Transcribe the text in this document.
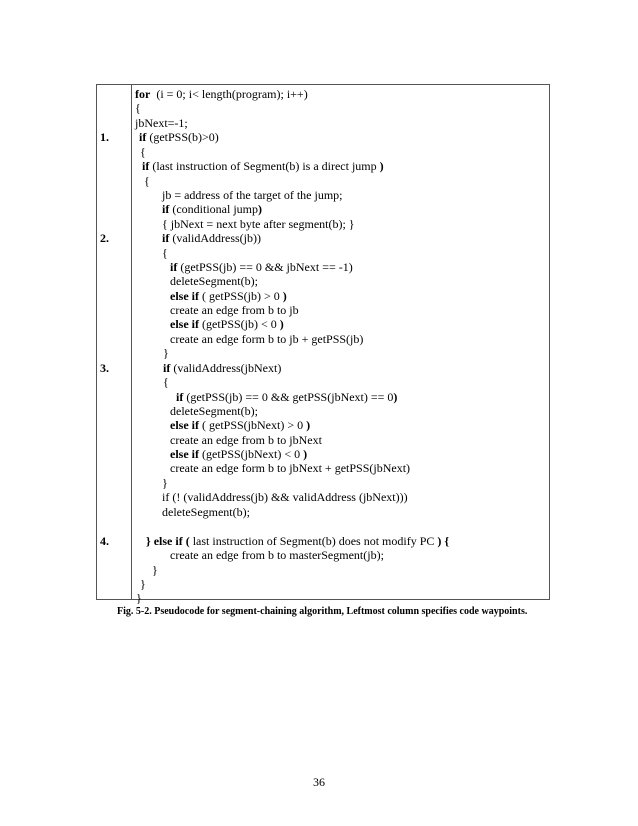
1.
2.
3.
4.
for  (i = 0; i< length(program); i++)
{
jbNext=-1;
if (getPSS(b)>0)
{
if (last instruction of Segment(b) is a direct jump )
{
jb = address of the target of the jump;
if (conditional jump)
{ jbNext = next byte after segment(b); }
if (validAddress(jb))
{
if (getPSS(jb) == 0 && jbNext == -1)
deleteSegment(b);
else if ( getPSS(jb) > 0 )
create an edge from b to jb
else if (getPSS(jb) < 0 )
create an edge form b to jb + getPSS(jb)
}
if (validAddress(jbNext)
{
if (getPSS(jb) == 0 && getPSS(jbNext) == 0)
deleteSegment(b);
else if ( getPSS(jbNext) > 0 )
create an edge from b to jbNext
else if (getPSS(jbNext) < 0 )
create an edge form b to jbNext + getPSS(jbNext)
}
if (! (validAddress(jb) && validAddress (jbNext)))
deleteSegment(b);
} else if ( last instruction of Segment(b) does not modify PC ) {
create an edge from b to masterSegment(jb);
}
}
}
Fig. 5-2. Pseudocode for segment-chaining algorithm, Leftmost column specifies code waypoints.
36
